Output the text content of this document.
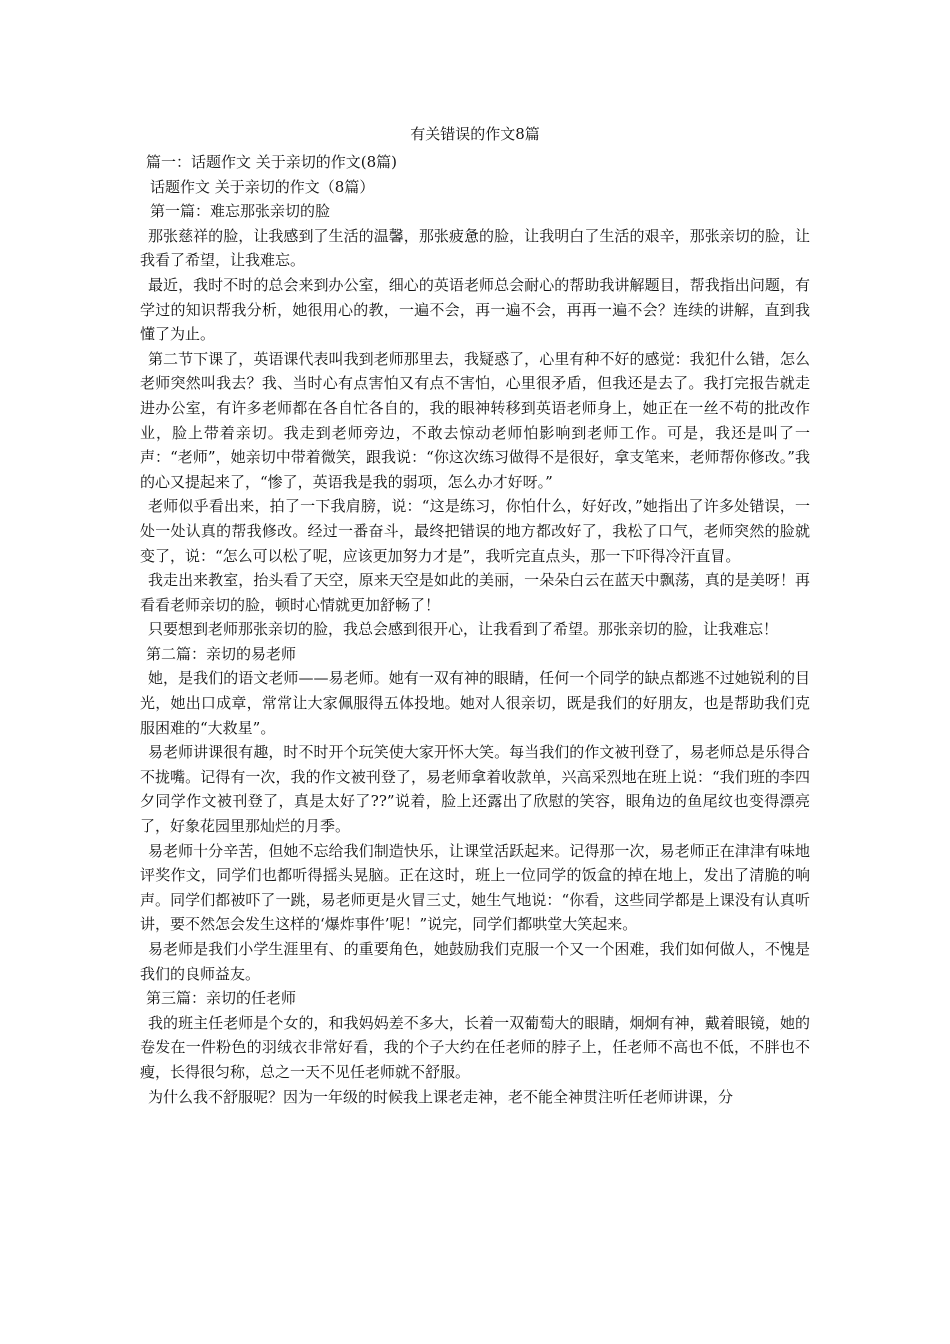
有关错误的作文8篇
篇一：话题作文 关于亲切的作文(8篇)
话题作文 关于亲切的作文（8篇）
第一篇：难忘那张亲切的脸

那张慈祥的脸，让我感到了生活的温馨，那张疲惫的脸，让我明白了生活的艰辛，那张亲切的脸，让我看了希望，让我难忘。

最近，我时不时的总会来到办公室，细心的英语老师总会耐心的帮助我讲解题目，帮我指出问题，有学过的知识帮我分析，她很用心的教，一遍不会，再一遍不会，再再一遍不会？连续的讲解，直到我懂了为止。

第二节下课了，英语课代表叫我到老师那里去，我疑惑了，心里有种不好的感觉：我犯什么错，怎么老师突然叫我去？我、当时心有点害怕又有点不害怕，心里很矛盾，但我还是去了。我打完报告就走进办公室，有许多老师都在各自忙各自的，我的眼神转移到英语老师身上，她正在一丝不苟的批改作业，脸上带着亲切。我走到老师旁边，不敢去惊动老师怕影响到老师工作。可是，我还是叫了一声：“老师”，她亲切中带着微笑，跟我说：“你这次练习做得不是很好，拿支笔来，老师帮你修改。”我的心又提起来了，“惨了，英语我是我的弱项，怎么办才好呀。”

老师似乎看出来，拍了一下我肩膀，说：“这是练习，你怕什么，好好改，”她指出了许多处错误，一处一处认真的帮我修改。经过一番奋斗，最终把错误的地方都改好了，我松了口气，老师突然的脸就变了，说：“怎么可以松了呢，应该更加努力才是”，我听完直点头，那一下吓得冷汗直冒。

我走出来教室，抬头看了天空，原来天空是如此的美丽，一朵朵白云在蓝天中飘荡，真的是美呀！再看看老师亲切的脸，顿时心情就更加舒畅了！

只要想到老师那张亲切的脸，我总会感到很开心，让我看到了希望。那张亲切的脸，让我难忘！

第二篇：亲切的易老师

她，是我们的语文老师——易老师。她有一双有神的眼睛，任何一个同学的缺点都逃不过她锐利的目光，她出口成章，常常让大家佩服得五体投地。她对人很亲切，既是我们的好朋友，也是帮助我们克服困难的“大救星”。

易老师讲课很有趣，时不时开个玩笑使大家开怀大笑。每当我们的作文被刊登了，易老师总是乐得合不拢嘴。记得有一次，我的作文被刊登了，易老师拿着收款单，兴高采烈地在班上说：“我们班的李四夕同学作文被刊登了，真是太好了??”说着，脸上还露出了欣慰的笑容，眼角边的鱼尾纹也变得漂亮了，好象花园里那灿烂的月季。

易老师十分辛苦，但她不忘给我们制造快乐，让课堂活跃起来。记得那一次，易老师正在津津有味地评奖作文，同学们也都听得摇头晃脑。正在这时，班上一位同学的饭盒的掉在地上，发出了清脆的响声。同学们都被吓了一跳，易老师更是火冒三丈，她生气地说：“你看，这些同学都是上课没有认真听讲，要不然怎会发生这样的‘爆炸事件’呢！”说完，同学们都哄堂大笑起来。

易老师是我们小学生涯里有、的重要角色，她鼓励我们克服一个又一个困难，我们如何做人，不愧是我们的良师益友。

第三篇：亲切的任老师

我的班主任老师是个女的，和我妈妈差不多大，长着一双葡萄大的眼睛，炯炯有神，戴着眼镜，她的卷发在一件粉色的羽绒衣非常好看，我的个子大约在任老师的脖子上，任老师不高也不低，不胖也不瘦，长得很匀称，总之一天不见任老师就不舒服。

为什么我不舒服呢？因为一年级的时候我上课老走神，老不能全神贯注听任老师讲课，分
